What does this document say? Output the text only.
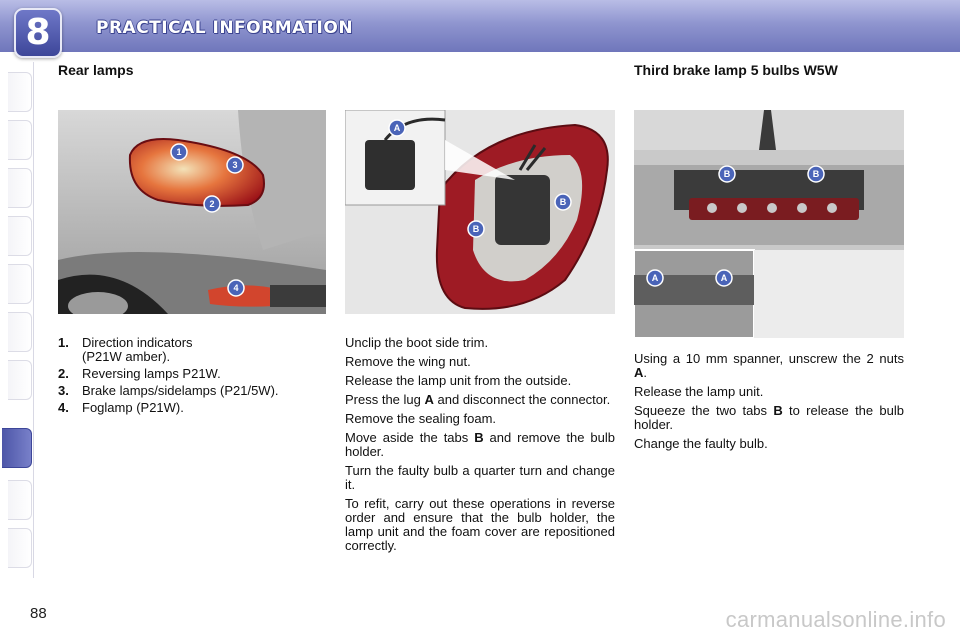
8	PRACTICAL INFORMATION
Rear lamps	Third brake lamp 5 bulbs W5W
1
3
2
4
A
B
B
B	B
A	A
1.	Direction indicators
(P21W amber).
2.	Reversing lamps P21W.
3.	Brake lamps/sidelamps (P21/5W).
4.	Foglamp (P21W).
Unclip the boot side trim.
Remove the wing nut.
Release the lamp unit from the outside.
Press the lug A and disconnect the connector.
Remove the sealing foam.
Move aside the tabs B and remove the bulb holder.
Turn the faulty bulb a quarter turn and change it.
To refit, carry out these operations in reverse order and ensure that the bulb holder, the lamp unit and the foam cover are repositioned correctly.
Using a 10 mm spanner, unscrew the 2 nuts A.
Release the lamp unit.
Squeeze the two tabs B to release the bulb holder.
Change the faulty bulb.
88	carmanualsonline.info
